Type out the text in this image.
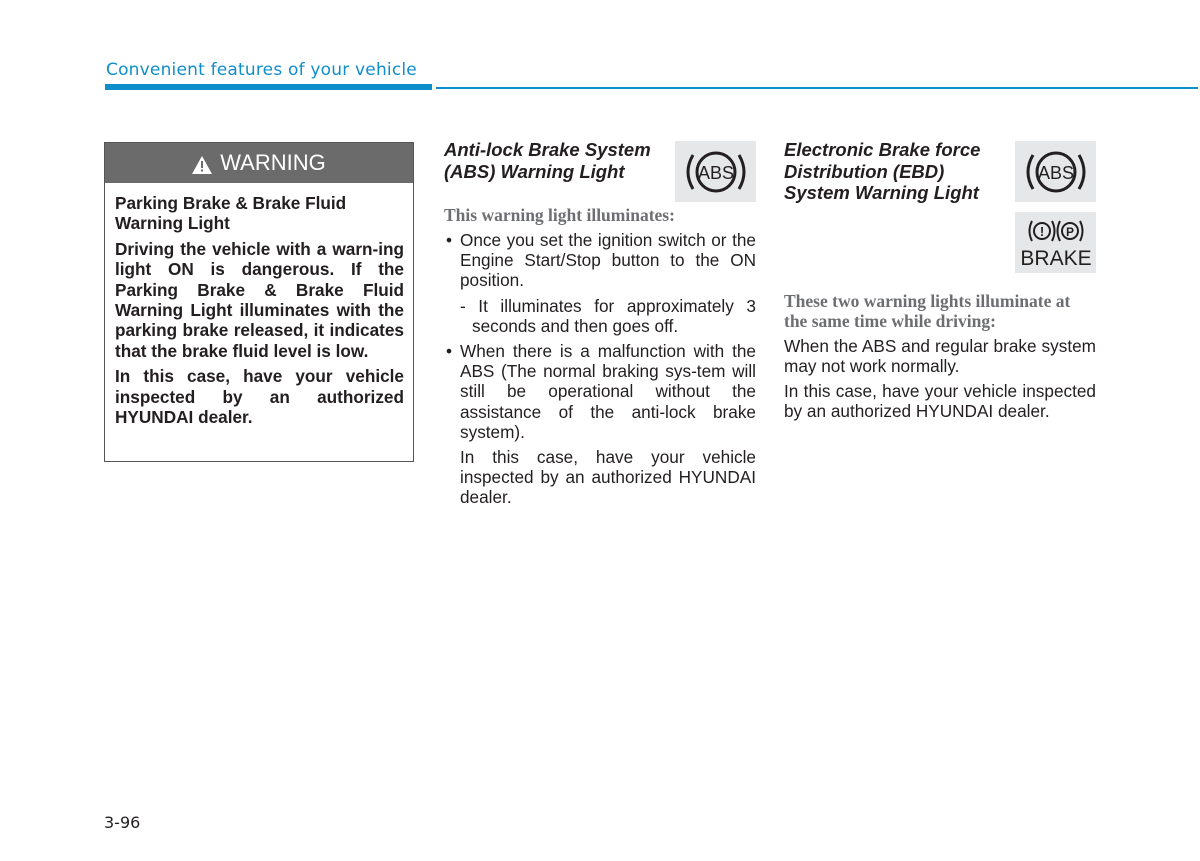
Convenient features of your vehicle
WARNING

Parking Brake & Brake Fluid Warning Light

Driving the vehicle with a warn-ing light ON is dangerous. If the Parking Brake & Brake Fluid Warning Light illuminates with the parking brake released, it indicates that the brake fluid level is low.

In this case, have your vehicle inspected by an authorized HYUNDAI dealer.

Anti-lock Brake System (ABS) Warning Light
This warning light illuminates:
• Once you set the ignition switch or the Engine Start/Stop button to the ON position.

- It illuminates for approximately 3 seconds and then goes off.

• When there is a malfunction with the ABS (The normal braking sys-tem will still be operational without the assistance of the anti-lock brake system).

In this case, have your vehicle inspected by an authorized HYUNDAI dealer.

ABS
Electronic Brake force Distribution (EBD) System Warning Light
These two warning lights illuminate at the same time while driving:

When the ABS and regular brake system may not work normally.

In this case, have your vehicle inspected by an authorized HYUNDAI dealer.

ABS
! P
BRAKE
3-96
